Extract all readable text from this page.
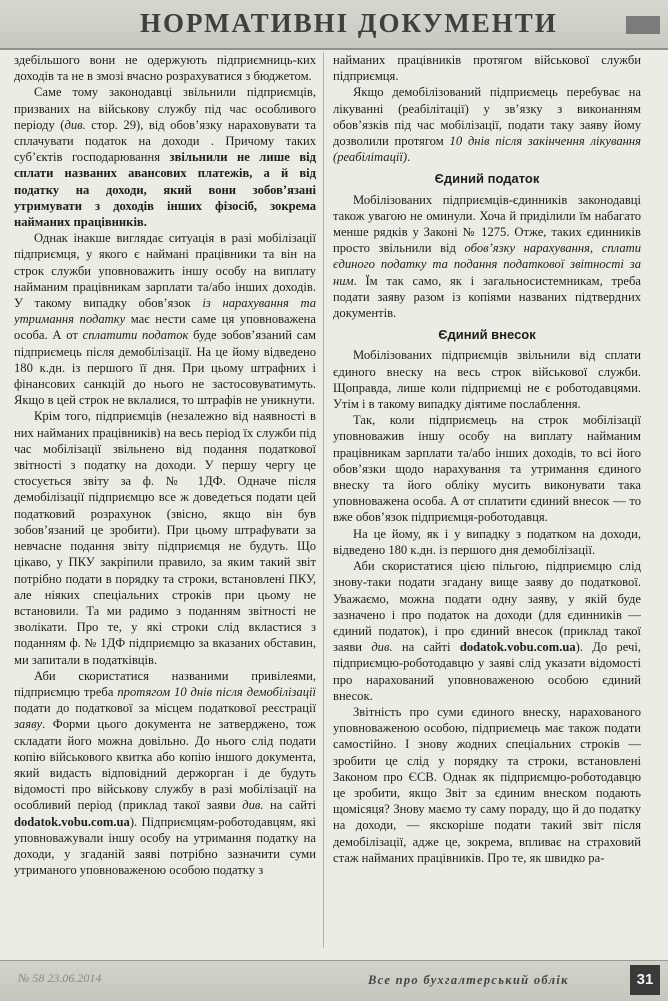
НОРМАТИВНІ ДОКУМЕНТИ

здебільшого вони не одержують підприємниць-ких доходів та не в змозі вчасно розрахуватися з бюджетом.

Саме тому законодавці звільнили підприємців, призваних на військову службу під час особливого періоду (див. стор. 29), від обов’язку нараховувати та сплачувати податок на доходи . Причому таких суб’єктів господарювання звільнили не лише від сплати названих авансових платежів, а й від податку на доходи, який вони зобов’язані утримувати з доходів інших фізосіб, зокрема найманих працівників.

Однак інакше виглядає ситуація в разі мобілізації підприємця, у якого є наймані працівники та він на строк служби уповноважить іншу особу на виплату найманим працівникам зарплати та/або інших доходів. У такому випадку обов’язок із нарахування та утримання податку має нести саме ця уповноважена особа. А от сплатити податок буде зобов’язаний сам підприємець після демобілізації. На це йому відведено 180 к.дн. із першого її дня. При цьому штрафних і фінансових санкцій до нього не застосовуватимуть. Якщо в цей строк не вклалися, то штрафів не уникнути.

Крім того, підприємців (незалежно від наявності в них найманих працівників) на весь період їх служби під час мобілізації звільнено від подання податкової звітності з податку на доходи. У першу чергу це стосується звіту за ф. № 1ДФ. Одначе після демобілізації підприємцю все ж доведеться подати цей податковий розрахунок (звісно, якщо він був зобов’язаний це зробити). При цьому штрафувати за невчасне подання звіту підприємця не будуть. Що цікаво, у ПКУ закріпили правило, за яким такий звіт потрібно подати в порядку та строки, встановлені ПКУ, але ніяких спеціальних строків при цьому не встановили. Та ми радимо з поданням звітності не зволікати. Про те, у які строки слід вкластися з поданням ф. № 1ДФ підприємцю за вказаних обставин, ми запитали в податківців.

Аби скористатися названими привілеями, підприємцю треба протягом 10 днів після демобілізації подати до податкової за місцем податкової реєстрації заяву. Форми цього документа не затверджено, тож складати його можна довільно. До нього слід подати копію військового квитка або копію іншого документа, який видасть відповідний держорган і де будуть відомості про військову службу в разі мобілізації на особливий період (приклад такої заяви див. на сайті dodatok.vobu.com.ua). Підприємцям-роботодавцям, які уповноважували іншу особу на утримання податку на доходи, у згаданій заяві потрібно зазначити суми утриманого уповноваженою особою податку з

найманих працівників протягом військової служби підприємця.

Якщо демобілізований підприємець перебуває на лікуванні (реабілітації) у зв’язку з виконанням обов’язків під час мобілізації, подати таку заяву йому дозволили протягом 10 днів після закінчення лікування (реабілітації).

Єдиний податок

Мобілізованих підприємців-єдинників законодавці також увагою не оминули. Хоча й приділили їм набагато менше рядків у Законі № 1275. Отже, таких єдинників просто звільнили від обов’язку нарахування, сплати єдиного податку та подання податкової звітності за ним. Їм так само, як і загальносистемникам, треба подати заяву разом із копіями названих підтвердних документів.

Єдиний внесок

Мобілізованих підприємців звільнили від сплати єдиного внеску на весь строк військової служби. Щоправда, лише коли підприємці не є роботодавцями. Утім і в такому випадку діятиме послаблення.

Так, коли підприємець на строк мобілізації уповноважив іншу особу на виплату найманим працівникам зарплати та/або інших доходів, то всі його обов’язки щодо нарахування та утримання єдиного внеску та його обліку мусить виконувати така уповноважена особа. А от сплатити єдиний внесок — то вже обов’язок підприємця-роботодавця.

На це йому, як і у випадку з податком на доходи, відведено 180 к.дн. із першого дня демобілізації.

Аби скористатися цією пільгою, підприємцю слід знову-таки подати згадану вище заяву до податкової. Уважаємо, можна подати одну заяву, у якій буде зазначено і про податок на доходи (для єдинників — єдиний податок), і про єдиний внесок (приклад такої заяви див. на сайті dodatok.vobu.com.ua). До речі, підприємцю-роботодавцю у заяві слід указати відомості про нарахований уповноваженою особою єдиний внесок.

Звітність про суми єдиного внеску, нарахованого уповноваженою особою, підприємець має також подати самостійно. І знову жодних спеціальних строків — зробити це слід у порядку та строки, встановлені Законом про ЄСВ. Однак як підприємцю-роботодавцю це зробити, якщо Звіт за єдиним внеском подають щомісяця? Знову маємо ту саму пораду, що й до податку на доходи, — якскоріше подати такий звіт після демобілізації, адже це, зокрема, впливає на страховий стаж найманих працівників. Про те, як швидко ра-

№ 58 23.06.2014	Все про бухгалтерський облік	31
